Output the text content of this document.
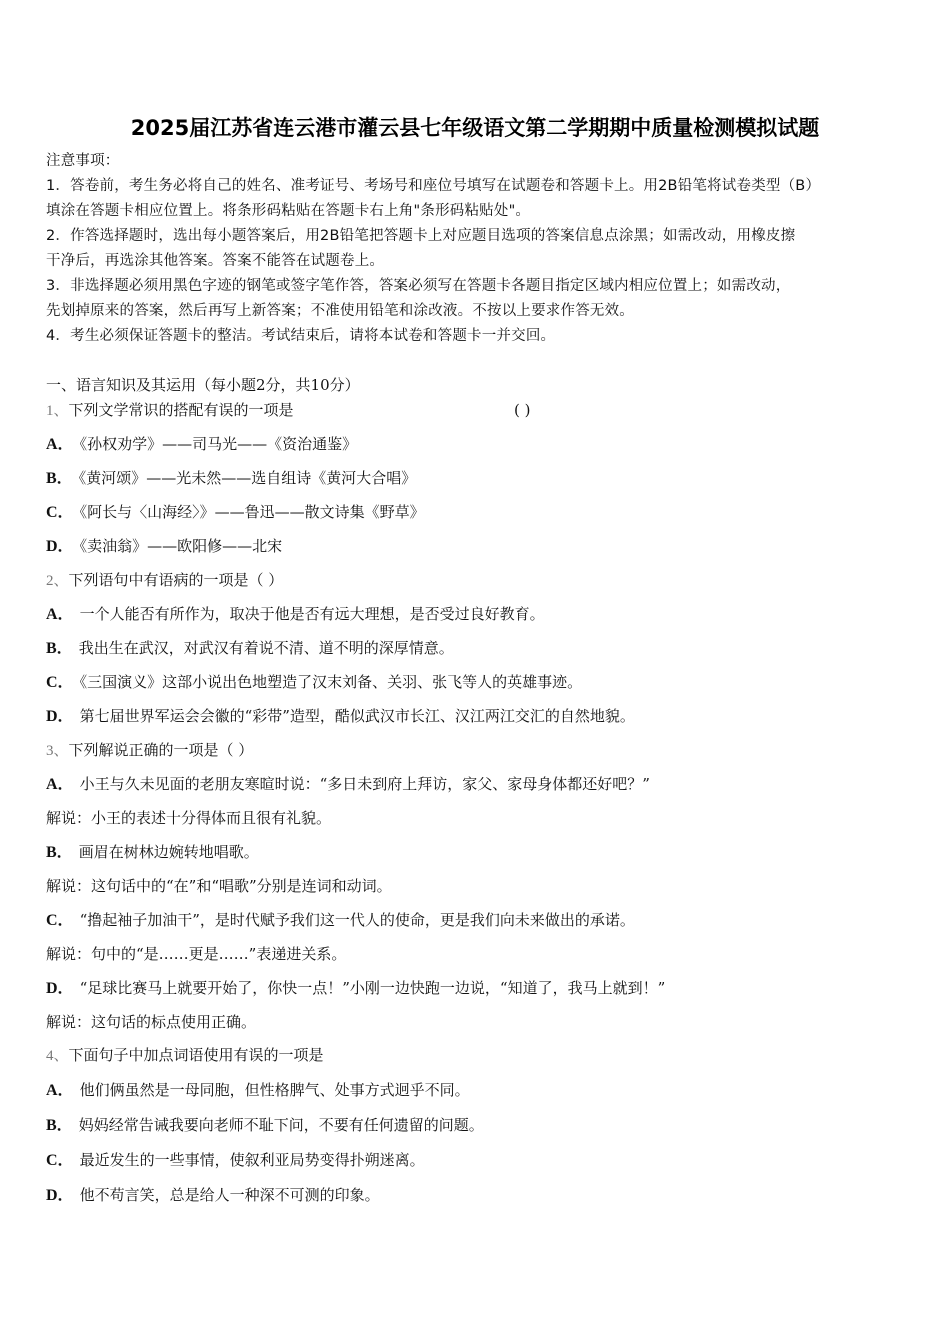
2025届江苏省连云港市灌云县七年级语文第二学期期中质量检测模拟试题
注意事项：
1．答卷前，考生务必将自己的姓名、准考证号、考场号和座位号填写在试题卷和答题卡上。用2B铅笔将试卷类型（B）
填涂在答题卡相应位置上。将条形码粘贴在答题卡右上角"条形码粘贴处"。
2．作答选择题时，选出每小题答案后，用2B铅笔把答题卡上对应题目选项的答案信息点涂黑；如需改动，用橡皮擦
干净后，再选涂其他答案。答案不能答在试题卷上。
3．非选择题必须用黑色字迹的钢笔或签字笔作答，答案必须写在答题卡各题目指定区域内相应位置上；如需改动，
先划掉原来的答案，然后再写上新答案；不准使用铅笔和涂改液。不按以上要求作答无效。
4．考生必须保证答题卡的整洁。考试结束后，请将本试卷和答题卡一并交回。
一、语言知识及其运用（每小题2分，共10分）
1、下列文学常识的搭配有误的一项是	( )
A． 《孙权劝学》——司马光——《资治通鉴》
B． 《黄河颂》——光未然——选自组诗《黄河大合唱》
C． 《阿长与〈山海经〉》——鲁迅——散文诗集《野草》
D． 《卖油翁》——欧阳修——北宋
2、下列语句中有语病的一项是（ ）
A． 一个人能否有所作为，取决于他是否有远大理想，是否受过良好教育。
B． 我出生在武汉，对武汉有着说不清、道不明的深厚情意。
C． 《三国演义》这部小说出色地塑造了汉末刘备、关羽、张飞等人的英雄事迹。
D． 第七届世界军运会会徽的“彩带”造型，酷似武汉市长江、汉江两江交汇的自然地貌。
3、下列解说正确的一项是（ ）
A． 小王与久未见面的老朋友寒暄时说：“多日未到府上拜访，家父、家母身体都还好吧？”
解说：小王的表述十分得体而且很有礼貌。
B． 画眉在树林边婉转地唱歌。
解说：这句话中的“在”和“唱歌”分别是连词和动词。
C． “撸起袖子加油干”，是时代赋予我们这一代人的使命，更是我们向未来做出的承诺。
解说：句中的“是……更是……”表递进关系。
D． “足球比赛马上就要开始了，你快一点！”小刚一边快跑一边说，“知道了，我马上就到！”
解说：这句话的标点使用正确。
4、下面句子中加点词语使用有误的一项是
A． 他们俩虽然是一母同胞，但性格脾气、处事方式迥乎不同。
B． 妈妈经常告诫我要向老师不耻下问，不要有任何遗留的问题。
C． 最近发生的一些事情，使叙利亚局势变得扑朔迷离。
D． 他不苟言笑，总是给人一种深不可测的印象。
